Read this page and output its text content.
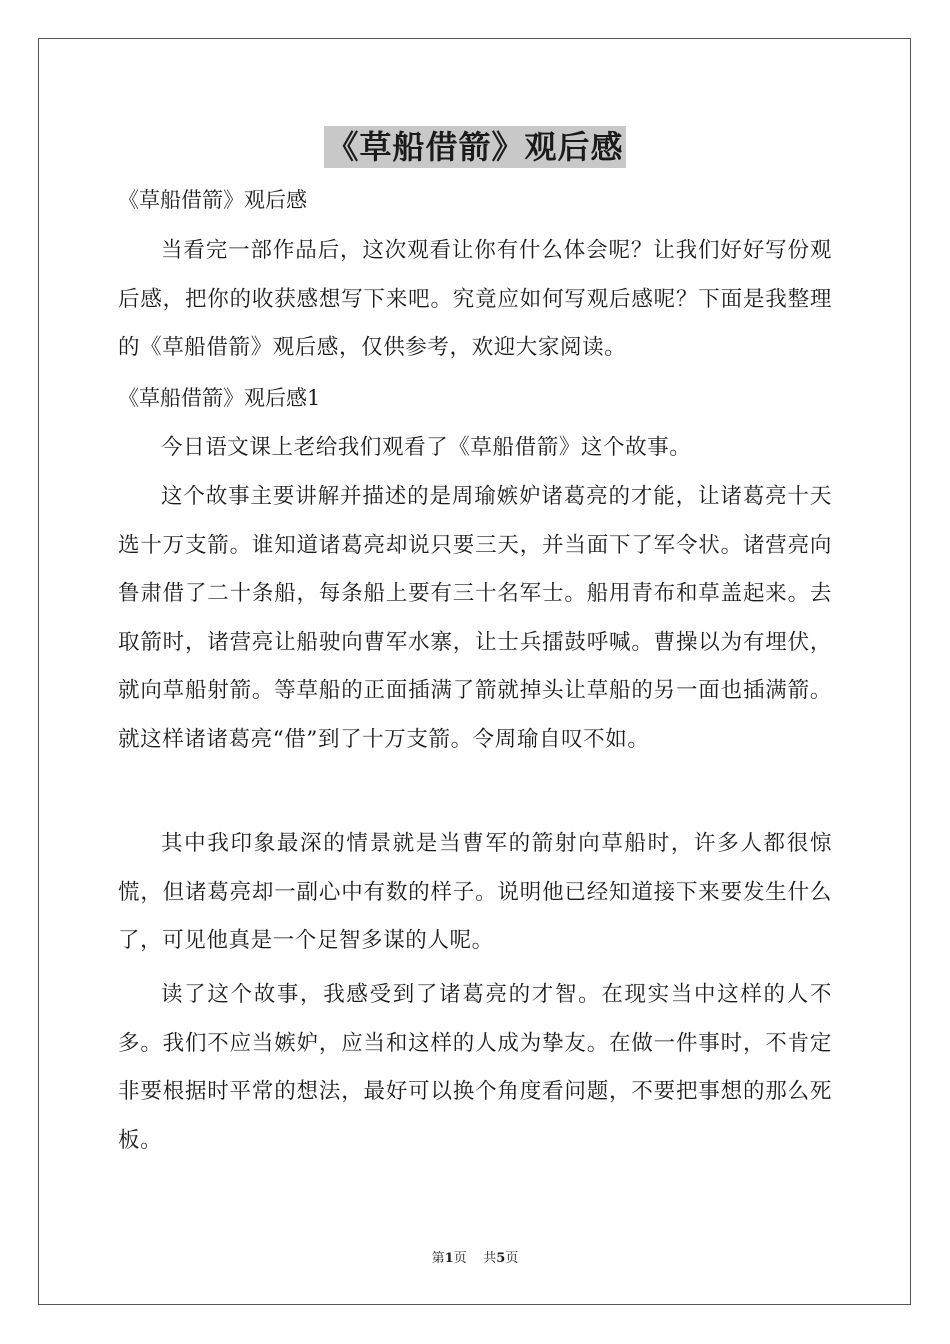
《草船借箭》观后感
《草船借箭》观后感

当看完一部作品后，这次观看让你有什么体会呢？让我们好好写份观后感，把你的收获感想写下来吧。究竟应如何写观后感呢？下面是我整理的《草船借箭》观后感，仅供参考，欢迎大家阅读。

《草船借箭》观后感1

今日语文课上老给我们观看了《草船借箭》这个故事。

这个故事主要讲解并描述的是周瑜嫉妒诸葛亮的才能，让诸葛亮十天选十万支箭。谁知道诸葛亮却说只要三天，并当面下了军令状。诸营亮向鲁肃借了二十条船，每条船上要有三十名军士。船用青布和草盖起来。去取箭时，诸营亮让船驶向曹军水寨，让士兵擂鼓呼喊。曹操以为有埋伏，就向草船射箭。等草船的正面插满了箭就掉头让草船的另一面也插满箭。就这样诸诸葛亮“借”到了十万支箭。令周瑜自叹不如。

其中我印象最深的情景就是当曹军的箭射向草船时，许多人都很惊慌，但诸葛亮却一副心中有数的样子。说明他已经知道接下来要发生什么了，可见他真是一个足智多谋的人呢。

读了这个故事，我感受到了诸葛亮的才智。在现实当中这样的人不多。我们不应当嫉妒，应当和这样的人成为挚友。在做一件事时，不肯定非要根据时平常的想法，最好可以换个角度看问题，不要把事想的那么死板。

第1页 共5页
